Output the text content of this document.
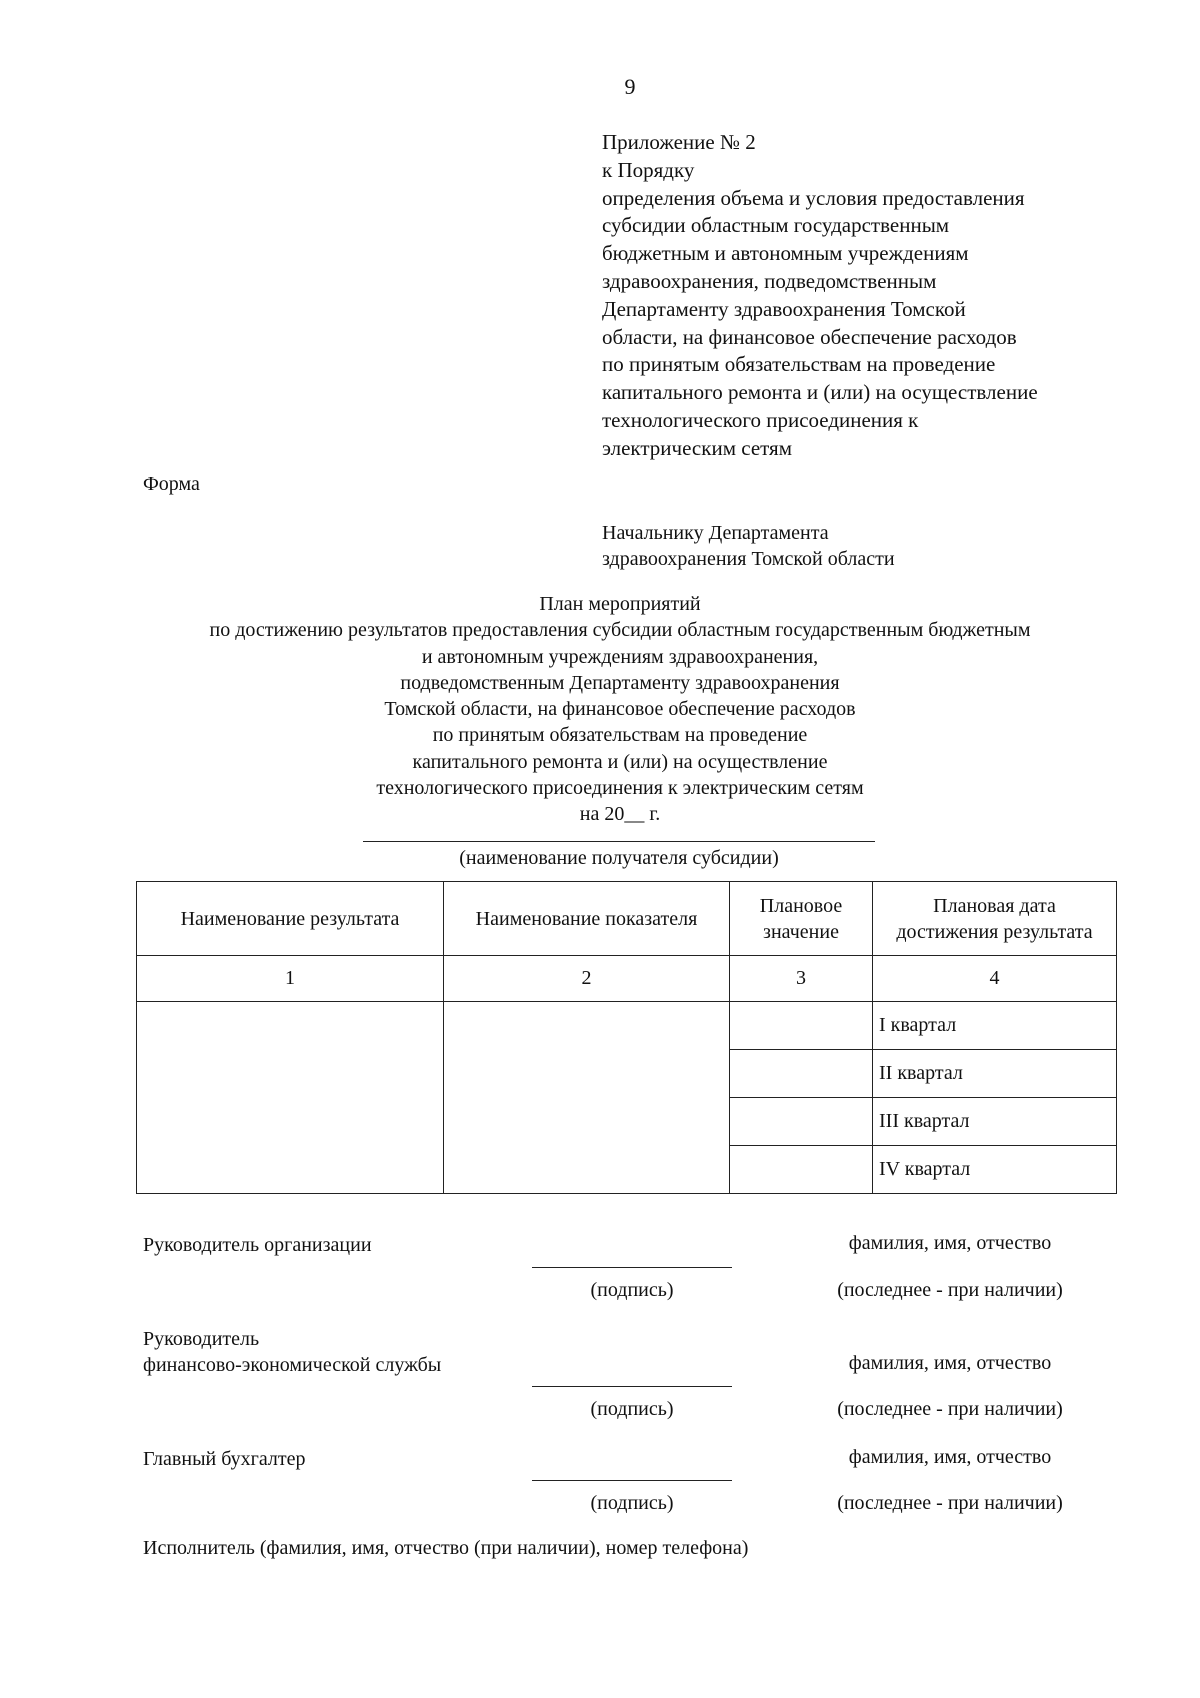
9
Приложение № 2
к Порядку
определения объема и условия предоставления
субсидии областным государственным
бюджетным и автономным учреждениям
здравоохранения, подведомственным
Департаменту здравоохранения Томской
области, на финансовое обеспечение расходов
по принятым обязательствам на проведение
капитального ремонта и (или) на осуществление
технологического присоединения к
электрическим сетям
Форма
Начальнику Департамента
здравоохранения Томской области
План мероприятий
по достижению результатов предоставления субсидии областным государственным бюджетным
и автономным учреждениям здравоохранения,
подведомственным Департаменту здравоохранения
Томской области, на финансовое обеспечение расходов
по принятым обязательствам на проведение
капитального ремонта и (или) на осуществление
технологического присоединения к электрическим сетям
на 20__ г.
(наименование получателя субсидии)
Наименование результата	Наименование показателя	Плановое значение	Плановая дата достижения результата
1	2	3	4
			I квартал
			II квартал
			III квартал
			IV квартал
Руководитель организации
(подпись)
фамилия, имя, отчество
(последнее - при наличии)
Руководитель
финансово-экономической службы
(подпись)
фамилия, имя, отчество
(последнее - при наличии)
Главный бухгалтер
(подпись)
фамилия, имя, отчество
(последнее - при наличии)
Исполнитель (фамилия, имя, отчество (при наличии), номер телефона)
